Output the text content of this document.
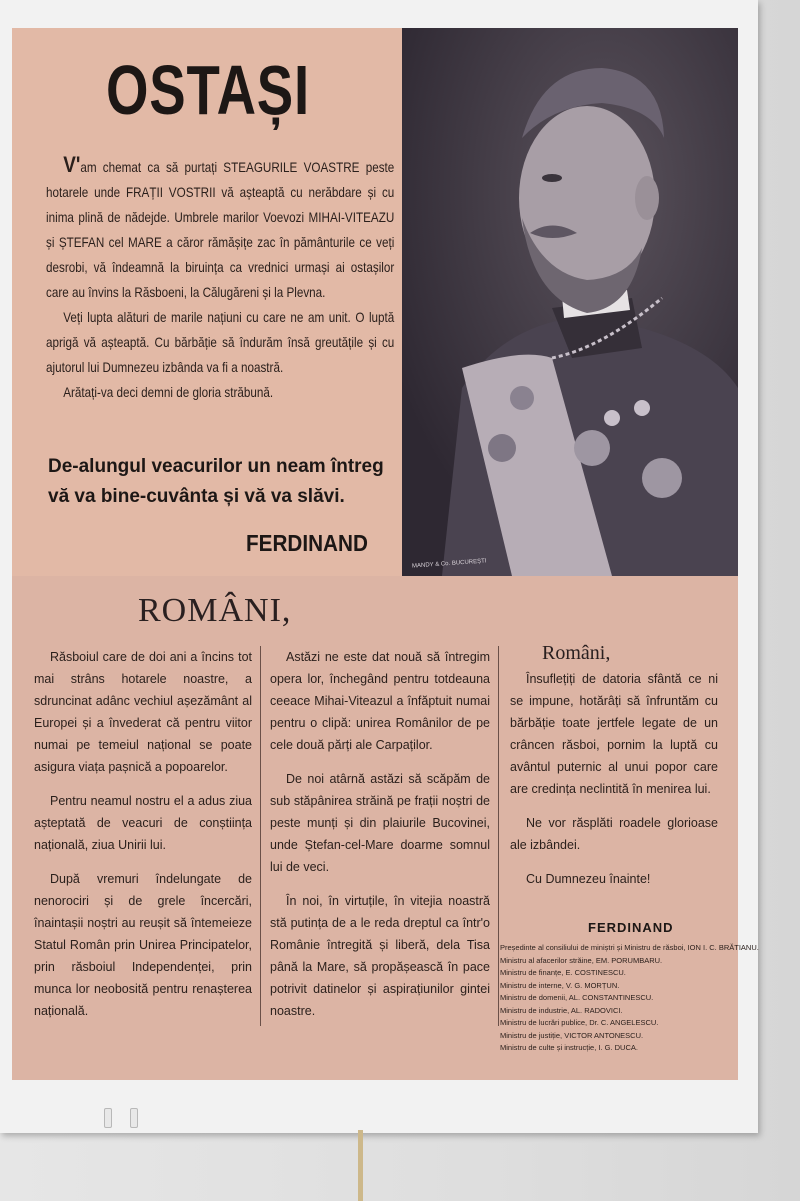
OSTAȘI

V'am chemat ca să purtați STEAGURILE VOASTRE peste hotarele unde FRAȚII VOSTRII vă așteaptă cu nerăbdare și cu inima plină de nădejde. Umbrele marilor Voevozi MIHAI-VITEAZU și ȘTEFAN cel MARE a căror rămășițe zac în pământurile ce veți desrobi, vă îndeamnă la biruința ca vrednici urmași ai ostașilor care au învins la Răsboeni, la Călugăreni și la Plevna.

Veți lupta alături de marile națiuni cu care ne am unit. O luptă aprigă vă așteaptă. Cu bărbăție să îndurăm însă greutățile și cu ajutorul lui Dumnezeu izbânda va fi a noastră.

Arătați-va deci demni de gloria străbună.

De-alungul veacurilor un neam întreg vă va bine-cuvânta și vă va slăvi.
FERDINAND
MANDY & Co. BUCUREȘTI
ROMÂNI,

Răsboiul care de doi ani a încins tot mai strâns hotarele noastre, a sdruncinat adânc vechiul așezământ al Europei și a învederat că pentru viitor numai pe temeiul național se poate asigura viața pașnică a popoarelor.

Pentru neamul nostru el a adus ziua așteptată de veacuri de conștiința națională, ziua Unirii lui.

După vremuri îndelungate de nenorociri și de grele încercări, înaintașii noștri au reușit să întemeieze Statul Român prin Unirea Principatelor, prin răsboiul Independenței, prin munca lor neobosită pentru renașterea națională.

Astăzi ne este dat nouă să întregim opera lor, închegând pentru totdeauna ceeace Mihai-Viteazul a înfăptuit numai pentru o clipă: unirea Românilor de pe cele două părți ale Carpaților.

De noi atârnă astăzi să scăpăm de sub stăpânirea străină pe frații noștri de peste munți și din plaiurile Bucovinei, unde Ștefan-cel-Mare doarme somnul lui de veci.

În noi, în virtuțile, în vitejia noastră stă putința de a le reda dreptul ca într'o Românie întregită și liberă, dela Tisa până la Mare, să propășească în pace potrivit datinelor și aspirațiunilor gintei noastre.

Români,

Însuflețiți de datoria sfântă ce ni se impune, hotărâți să înfruntăm cu bărbăție toate jertfele legate de un crâncen răsboi, pornim la luptă cu avântul puternic al unui popor care are credința neclintită în menirea lui.

Ne vor răsplăti roadele glorioase ale izbândei.

Cu Dumnezeu înainte!

FERDINAND
Președinte al consiliului de miniștri și Ministru de răsboi, ION I. C. BRĂTIANU.
Ministru al afacerilor străine, EM. PORUMBARU.
Ministru de finanțe, E. COSTINESCU.
Ministru de interne, V. G. MORȚUN.
Ministru de domenii, AL. CONSTANTINESCU.
Ministru de industrie, AL. RADOVICI.
Ministru de lucrări publice, Dr. C. ANGELESCU.
Ministru de justiție, VICTOR ANTONESCU.
Ministru de culte și instrucție, I. G. DUCA.
